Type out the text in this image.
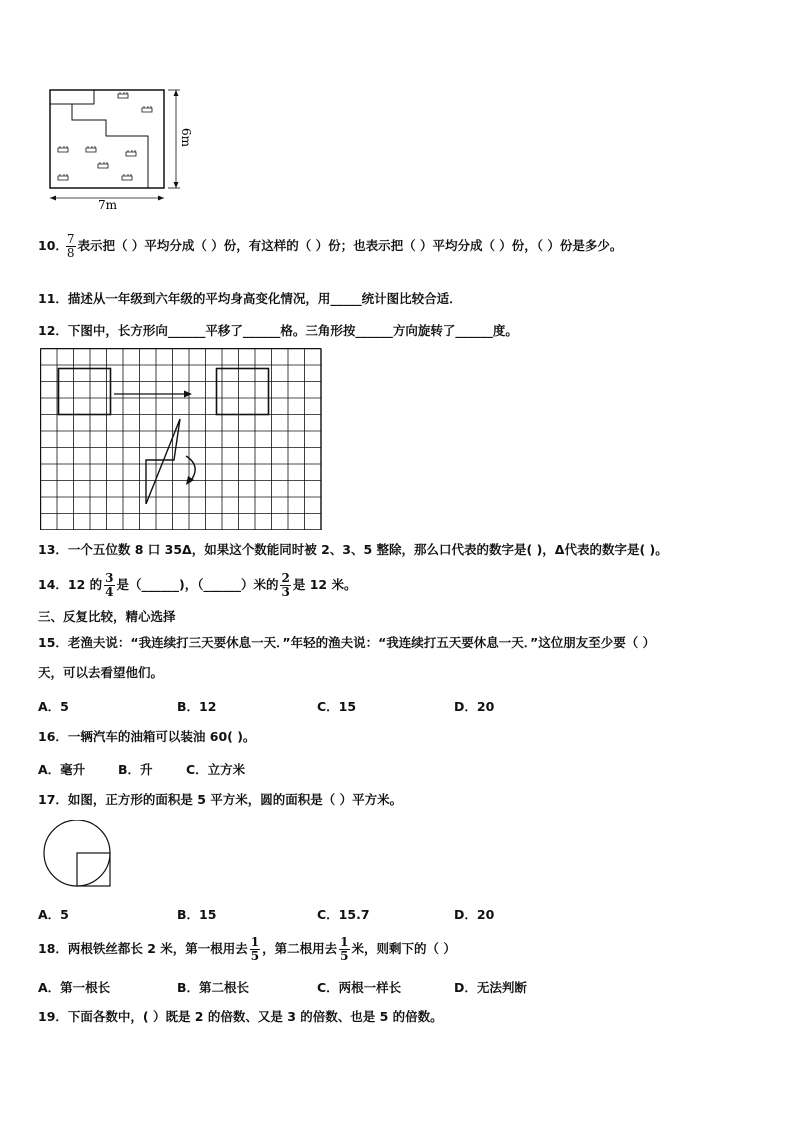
7m
6m
10．
$\frac{7}{8}$ 表示把（ ）平均分成（ ）份，有这样的（ ）份；也表示把（ ）平均分成（ ）份，（ ）份是多少。
11．描述从一年级到六年级的平均身高变化情况，用_____统计图比较合适．
12．下图中，长方形向______平移了______格。三角形按______方向旋转了______度。
13．一个五位数 8 口 35Δ，如果这个数能同时被 2、3、5 整除，那么口代表的数字是( )，Δ代表的数字是( )。
14．12 的 $\frac{3}{4}$ 是（______)，（______）米的 $\frac{2}{3}$ 是 12 米。
三、反复比较，精心选择
15．老渔夫说：“我连续打三天要休息一天．”年轻的渔夫说：“我连续打五天要休息一天．”这位朋友至少要（ ）
天，可以去看望他们。
A．5	B．12	C．15	D．20
16．一辆汽车的油箱可以装油 60( )。
A．毫升	B．升	C．立方米
17．如图，正方形的面积是 5 平方米，圆的面积是（ ）平方米。
A．5	B．15	C．15.7	D．20
18．两根铁丝都长 2 米，第一根用去 $\frac{1}{5}$ ，第二根用去 $\frac{1}{5}$ 米，则剩下的（ ）
A．第一根长	B．第二根长	C．两根一样长	D．无法判断
19．下面各数中，( ）既是 2 的倍数、又是 3 的倍数、也是 5 的倍数。
